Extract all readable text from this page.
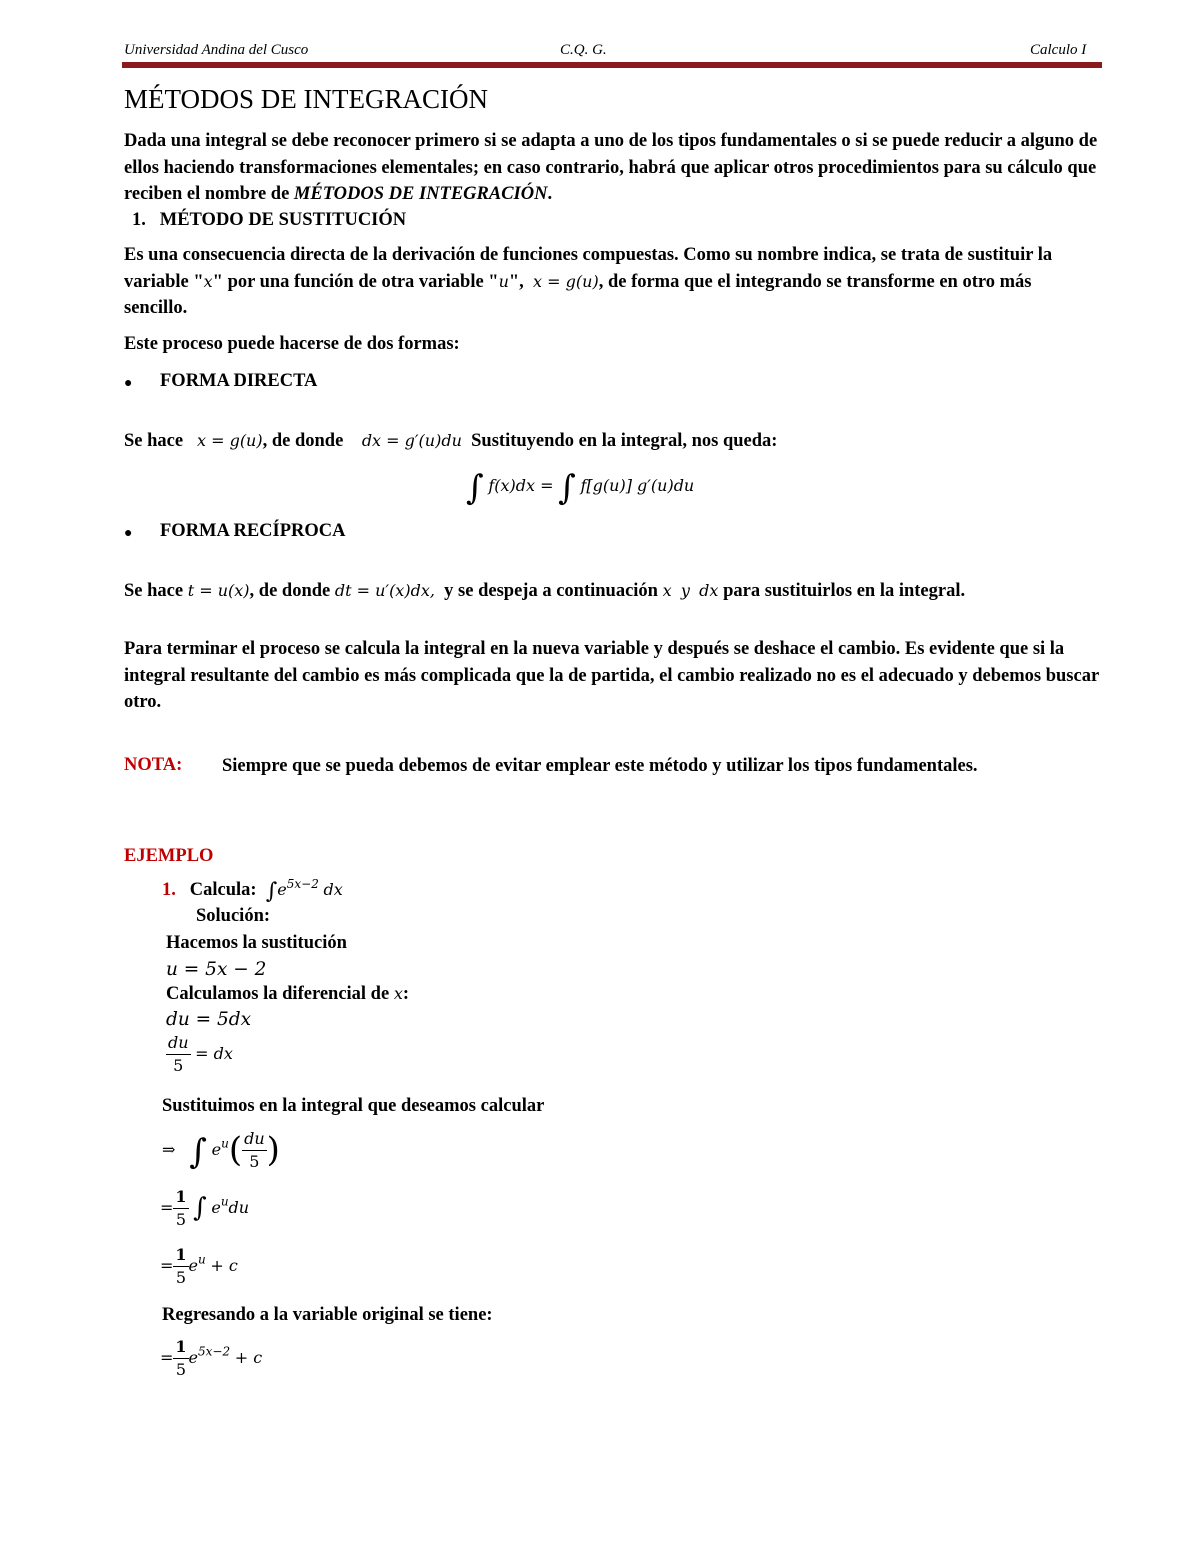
Universidad Andina del Cusco	C.Q. G.	Calculo I
MÉTODOS DE INTEGRACIÓN

Dada una integral se debe reconocer primero si se adapta a uno de los tipos fundamentales o si se puede reducir a alguno de ellos haciendo transformaciones elementales; en caso contrario, habrá que aplicar otros procedimientos para su cálculo que reciben el nombre de MÉTODOS DE INTEGRACIÓN.

1. MÉTODO DE SUSTITUCIÓN

Es una consecuencia directa de la derivación de funciones compuestas. Como su nombre indica, se trata de sustituir la variable "x" por una función de otra variable "u", x = g(u), de forma que el integrando se transforme en otro más sencillo.

Este proceso puede hacerse de dos formas:
● FORMA DIRECTA
Se hace x = g(u), de donde dx = g′(u)du Sustituyendo en la integral, nos queda:
∫ f(x)dx = ∫ f[g(u)] g′(u)du
● FORMA RECÍPROCA

Se hace t = u(x), de donde dt = u′(x)dx, y se despeja a continuación x y dx para sustituirlos en la integral.

Para terminar el proceso se calcula la integral en la nueva variable y después se deshace el cambio. Es evidente que si la integral resultante del cambio es más complicada que la de partida, el cambio realizado no es el adecuado y debemos buscar otro.

NOTA: Siempre que se pueda debemos de evitar emplear este método y utilizar los tipos fundamentales.

EJEMPLO
1. Calcula: $\int e^{5x-2}$ dx
Solución:
Hacemos la sustitución
u = 5x − 2
Calculamos la diferencial de x:
du = 5dx
$\frac{du}{5}$ = dx
Sustituimos en la integral que deseamos calcular
⇒ ∫ $e^u( \frac{du}{5}$ )
= $\frac{1}{5}$ ∫ $e^udu$
= $\frac{1}{5} e^u + c$
Regresando a la variable original se tiene:
= $\frac{1}{5} e^{5x-2} + c$
